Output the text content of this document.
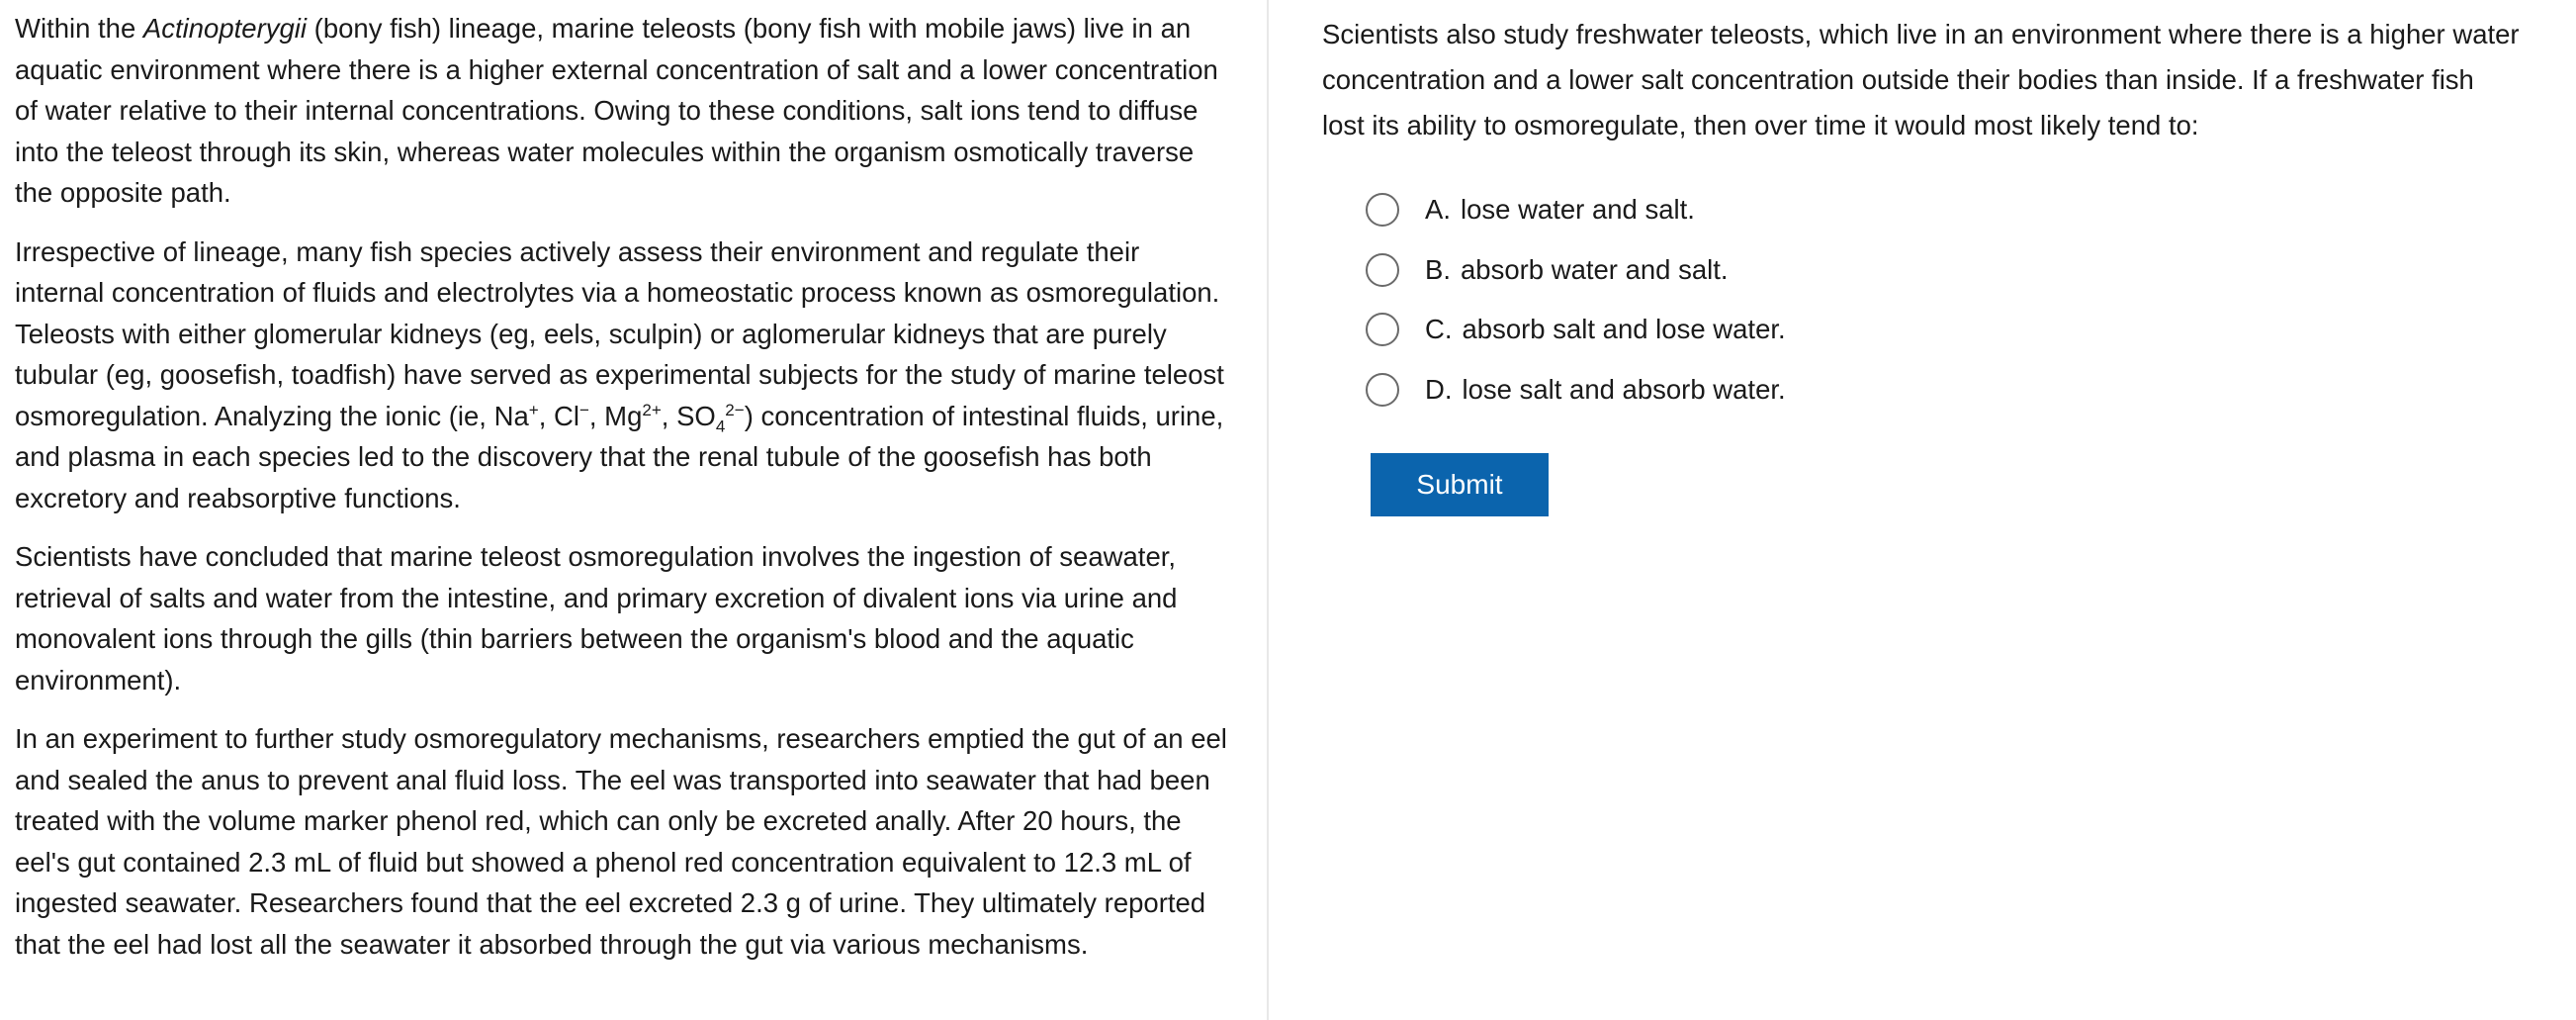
Within the Actinopterygii (bony fish) lineage, marine teleosts (bony fish with mobile jaws) live in an aquatic environment where there is a higher external concentration of salt and a lower concentration of water relative to their internal concentrations. Owing to these conditions, salt ions tend to diffuse into the teleost through its skin, whereas water molecules within the organism osmotically traverse the opposite path.

Irrespective of lineage, many fish species actively assess their environment and regulate their internal concentration of fluids and electrolytes via a homeostatic process known as osmoregulation. Teleosts with either glomerular kidneys (eg, eels, sculpin) or aglomerular kidneys that are purely tubular (eg, goosefish, toadfish) have served as experimental subjects for the study of marine teleost osmoregulation. Analyzing the ionic (ie, Na+, Cl−, $Mg^{2+}$, $SO_4^{2-}$) concentration of intestinal fluids, urine, and plasma in each species led to the discovery that the renal tubule of the goosefish has both excretory and reabsorptive functions.

Scientists have concluded that marine teleost osmoregulation involves the ingestion of seawater, retrieval of salts and water from the intestine, and primary excretion of divalent ions via urine and monovalent ions through the gills (thin barriers between the organism's blood and the aquatic environment).

In an experiment to further study osmoregulatory mechanisms, researchers emptied the gut of an eel and sealed the anus to prevent anal fluid loss. The eel was transported into seawater that had been treated with the volume marker phenol red, which can only be excreted anally. After 20 hours, the eel's gut contained 2.3 mL of fluid but showed a phenol red concentration equivalent to 12.3 mL of ingested seawater. Researchers found that the eel excreted 2.3 g of urine. They ultimately reported that the eel had lost all the seawater it absorbed through the gut via various mechanisms.

Scientists also study freshwater teleosts, which live in an environment where there is a higher water
concentration and a lower salt concentration outside their bodies than inside. If a freshwater fish
lost its ability to osmoregulate, then over time it would most likely tend to:

A. lose water and salt.
B. absorb water and salt.
C. absorb salt and lose water.
D. lose salt and absorb water.
Submit
